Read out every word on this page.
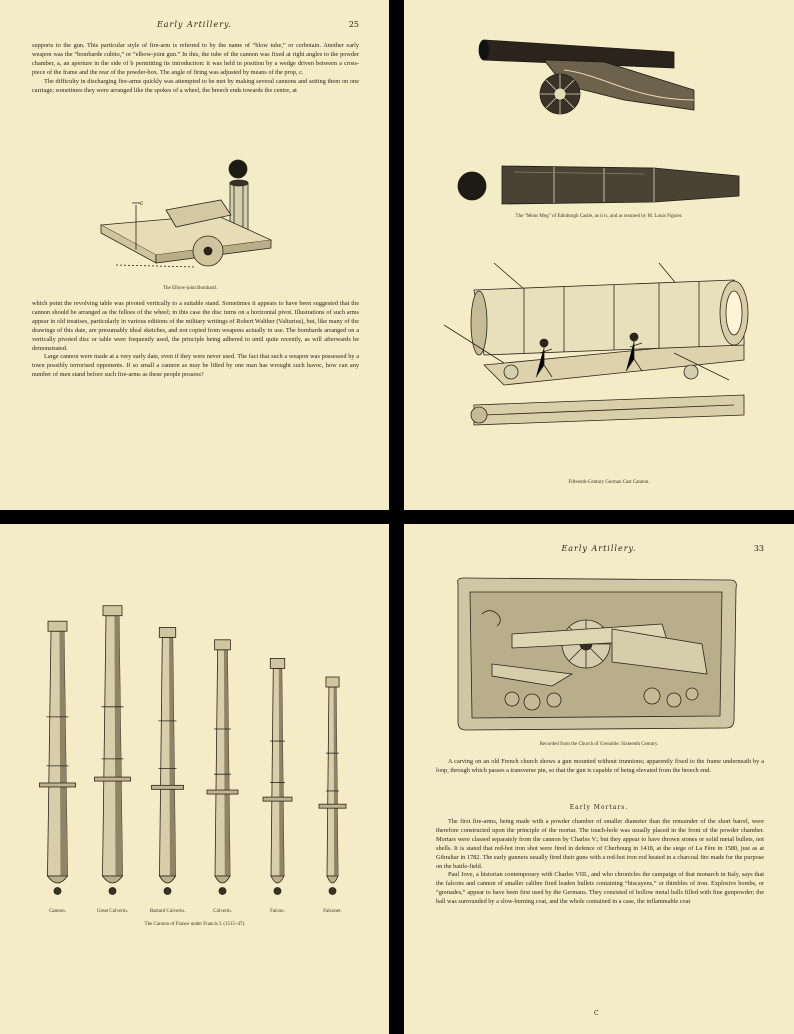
Early Artillery.	25

supports to the gun. This particular style of fire-arm is referred to by the name of “blow tube,” or cerbotain. Another early weapon was the “bombarde cubito,” or “elbow-joint gun.” In this, the tube of the cannon was fixed at right angles to the powder chamber, a, an aperture in the side of b permitting its introduction: it was held in position by a wedge driven between a cross-piece of the frame and the rear of the powder-box. The angle of firing was adjusted by means of the prop, c.

The difficulty in discharging fire-arms quickly was attempted to be met by making several cannons and setting them on one carriage; sometimes they were arranged like the spokes of a wheel, the breech ends towards the centre, at

c
The Elbow-joint Bombard.

which point the revolving table was pivoted vertically to a suitable stand. Sometimes it appears to have been suggested that the cannon should be arranged as the felloes of the wheel; in this case the disc turns on a horizontal pivot. Illustrations of such arms appear in old treatises, particularly in various editions of the military writings of Robert Walther (Valturius), but, like many of the drawings of this date, are presumably ideal sketches, and not copied from weapons actually in use. The bombards arranged on a vertically pivoted disc or table were frequently used, the principle being adhered to until quite recently, as will afterwards be demonstrated.

Large cannon were made at a very early date, even if they were never used. The fact that such a weapon was possessed by a town possibly terrorised opponents. If so small a cannon as may be lifted by one man has wrought such havoc, how can any number of men stand before such fire-arms as these people possess?

The “Mons Meg” of Edinburgh Castle, as it is, and as restored by M. Louis Figuier.
Fifteenth-Century German Cast Cannon.
Cannon.	Great Culverin.	Bastard Culverin.	Culverin.	Falcon.	Falconet.
The Cannon of France under Francis I. (1515–47).
Early Artillery.	33
Recorded from the Church of Grenoble: Sixteenth Century.

A carving on an old French church shows a gun mounted without trunnions; apparently fixed to the frame underneath by a loop, through which passes a transverse pin, so that the gun is capable of being elevated from the breech end.

Early Mortars.

The first fire-arms, being made with a powder chamber of smaller diameter than the remainder of the short barrel, were therefore constructed upon the principle of the mortar. The touch-hole was usually placed in the front of the powder chamber. Mortars were classed separately from the cannon by Charles V.; but they appear to have thrown stones or solid metal bullets, not shells. It is stated that red-hot iron shot were fired in defence of Cherbourg in 1418, at the siege of La Fère in 1580, just as at Gibraltar in 1782. The early gunners usually fired their guns with a red-hot iron rod heated in a charcoal fire made for the purpose on the battle-field.

Paul Jove, a historian contemporary with Charles VIII., and who chronicles the campaign of that monarch in Italy, says that the falcons and cannon of smaller calibre fired leaden bullets containing “biscayens,” or thimbles of iron. Explosive bombs, or “grenades,” appear to have been first used by the Germans. They consisted of hollow metal balls filled with fine gunpowder; the ball was surrounded by a slow-burning coat, and the whole contained in a case, the inflammable coat

C
